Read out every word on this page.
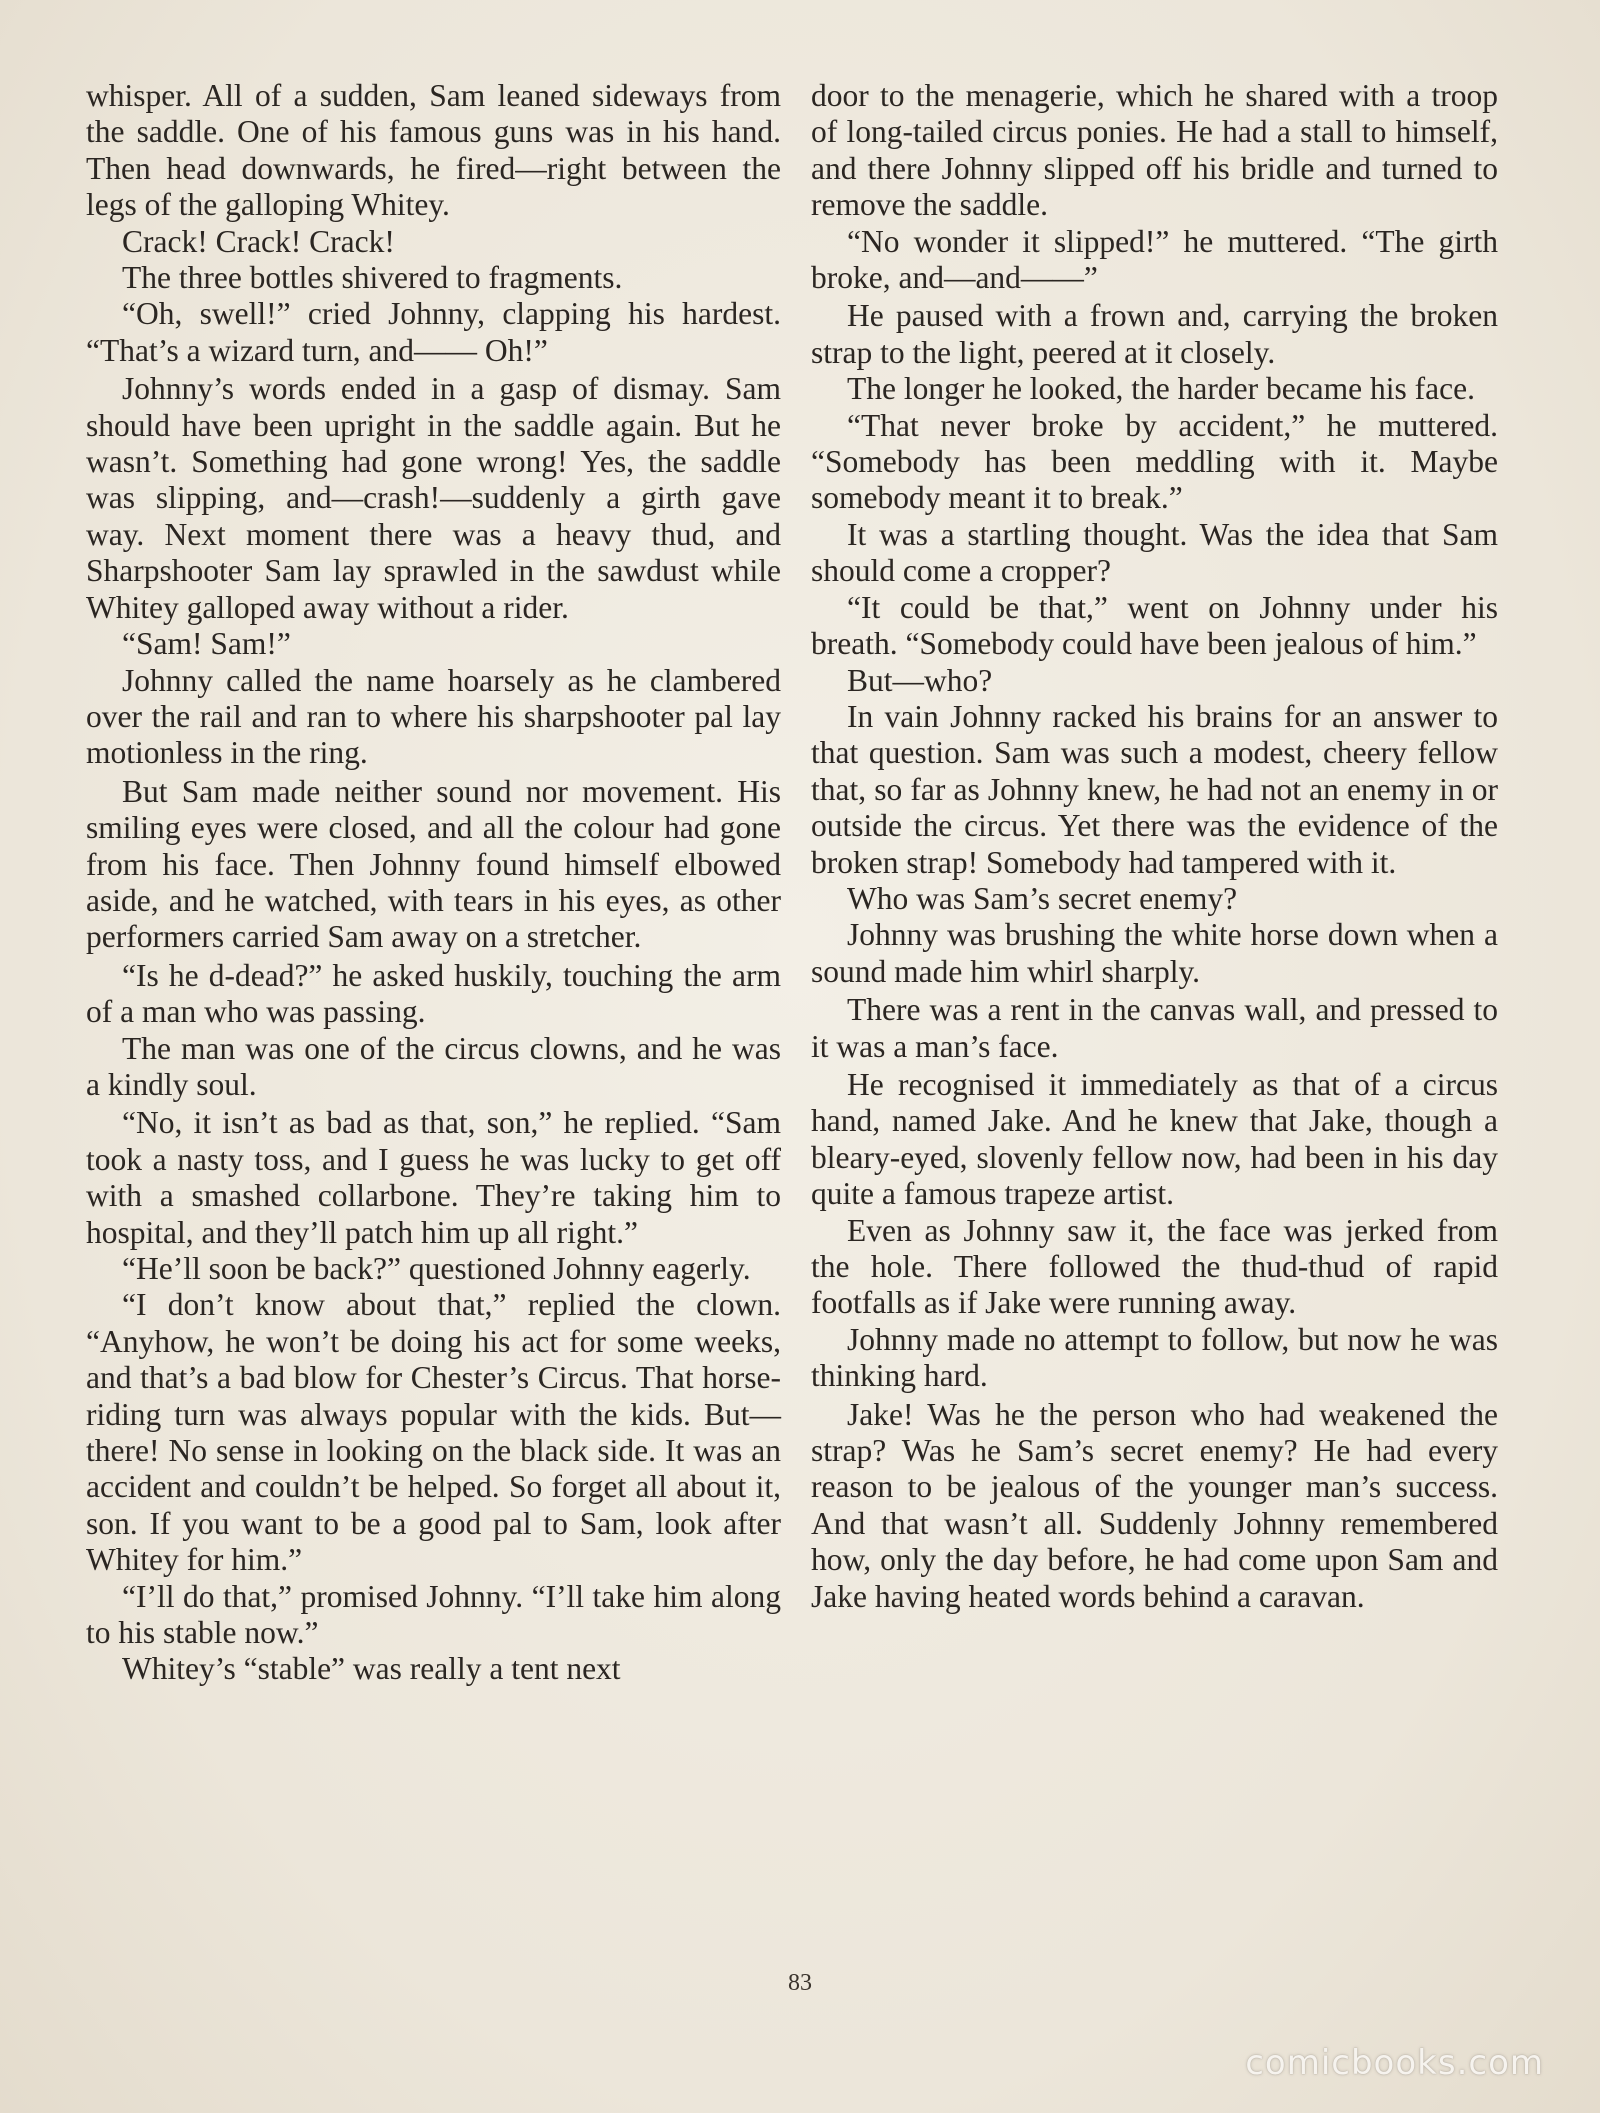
whisper. All of a sudden, Sam leaned sideways from the saddle. One of his famous guns was in his hand. Then head downwards, he fired—right between the legs of the galloping Whitey.

Crack! Crack! Crack!

The three bottles shivered to fragments.

“Oh, swell!” cried Johnny, clapping his hardest. “That’s a wizard turn, and—— Oh!”

Johnny’s words ended in a gasp of dismay. Sam should have been upright in the saddle again. But he wasn’t. Something had gone wrong! Yes, the saddle was slipping, and—crash!—suddenly a girth gave way. Next moment there was a heavy thud, and Sharpshooter Sam lay sprawled in the sawdust while Whitey galloped away without a rider.

“Sam! Sam!”

Johnny called the name hoarsely as he clambered over the rail and ran to where his sharpshooter pal lay motionless in the ring.

But Sam made neither sound nor movement. His smiling eyes were closed, and all the colour had gone from his face. Then Johnny found himself elbowed aside, and he watched, with tears in his eyes, as other performers carried Sam away on a stretcher.

“Is he d-dead?” he asked huskily, touching the arm of a man who was passing.

The man was one of the circus clowns, and he was a kindly soul.

“No, it isn’t as bad as that, son,” he replied. “Sam took a nasty toss, and I guess he was lucky to get off with a smashed collarbone. They’re taking him to hospital, and they’ll patch him up all right.”

“He’ll soon be back?” questioned Johnny eagerly.

“I don’t know about that,” replied the clown. “Anyhow, he won’t be doing his act for some weeks, and that’s a bad blow for Chester’s Circus. That horse-riding turn was always popular with the kids. But—there! No sense in looking on the black side. It was an accident and couldn’t be helped. So forget all about it, son. If you want to be a good pal to Sam, look after Whitey for him.”

“I’ll do that,” promised Johnny. “I’ll take him along to his stable now.”

Whitey’s “stable” was really a tent next

door to the menagerie, which he shared with a troop of long-tailed circus ponies. He had a stall to himself, and there Johnny slipped off his bridle and turned to remove the saddle.

“No wonder it slipped!” he muttered. “The girth broke, and—and——”

He paused with a frown and, carrying the broken strap to the light, peered at it closely.

The longer he looked, the harder became his face.

“That never broke by accident,” he muttered. “Somebody has been meddling with it. Maybe somebody meant it to break.”

It was a startling thought. Was the idea that Sam should come a cropper?

“It could be that,” went on Johnny under his breath. “Somebody could have been jealous of him.”

But—who?

In vain Johnny racked his brains for an answer to that question. Sam was such a modest, cheery fellow that, so far as Johnny knew, he had not an enemy in or outside the circus. Yet there was the evidence of the broken strap! Somebody had tampered with it.

Who was Sam’s secret enemy?

Johnny was brushing the white horse down when a sound made him whirl sharply.

There was a rent in the canvas wall, and pressed to it was a man’s face.

He recognised it immediately as that of a circus hand, named Jake. And he knew that Jake, though a bleary-eyed, slovenly fellow now, had been in his day quite a famous trapeze artist.

Even as Johnny saw it, the face was jerked from the hole. There followed the thud-thud of rapid footfalls as if Jake were running away.

Johnny made no attempt to follow, but now he was thinking hard.

Jake! Was he the person who had weakened the strap? Was he Sam’s secret enemy? He had every reason to be jealous of the younger man’s success. And that wasn’t all. Suddenly Johnny remembered how, only the day before, he had come upon Sam and Jake having heated words behind a caravan.

83
comicbooks.com
